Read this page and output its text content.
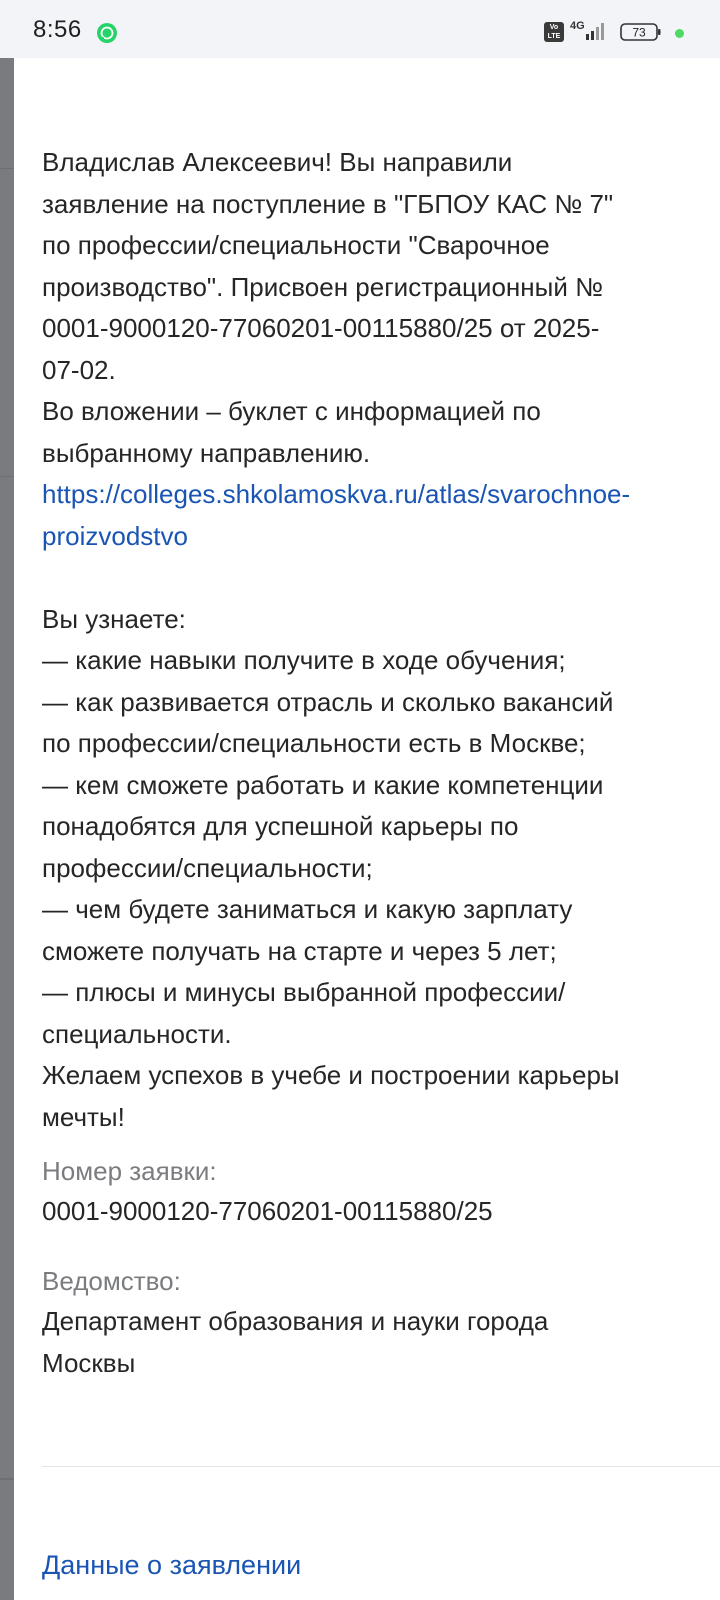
8:56	Vo LTE
4G	73

Владислав Алексеевич! Вы направили

заявление на поступление в "ГБПОУ КАС № 7"

по профессии/специальности "Сварочное

производство". Присвоен регистрационный №

0001-9000120-77060201-00115880/25 от 2025-

07-02.

Во вложении – буклет с информацией по

выбранному направлению.

https://colleges.shkolamoskva.ru/atlas/svarochnoe-

proizvodstvo

Вы узнаете:

— какие навыки получите в ходе обучения;

— как развивается отрасль и сколько вакансий

по профессии/специальности есть в Москве;

— кем сможете работать и какие компетенции

понадобятся для успешной карьеры по

профессии/специальности;

— чем будете заниматься и какую зарплату

сможете получать на старте и через 5 лет;

— плюсы и минусы выбранной профессии/

специальности.

Желаем успехов в учебе и построении карьеры

мечты!

Номер заявки:

0001-9000120-77060201-00115880/25

Ведомство:

Департамент образования и науки города
Москвы

Данные о заявлении
